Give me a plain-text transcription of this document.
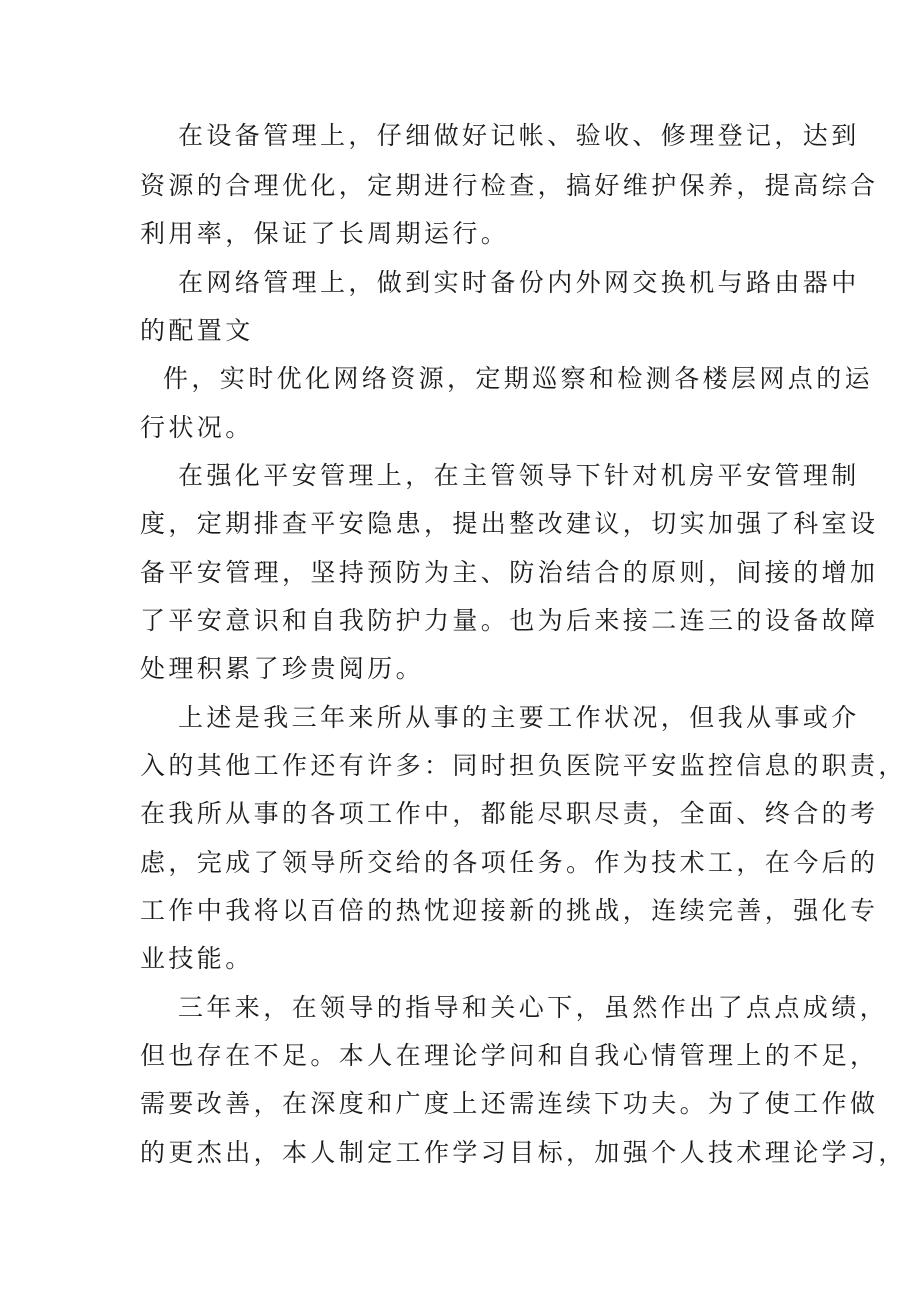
在设备管理上，仔细做好记帐、验收、修理登记，达到
资源的合理优化，定期进行检查，搞好维护保养，提高综合
利用率，保证了长周期运行。
在网络管理上，做到实时备份内外网交换机与路由器中
的配置文
件，实时优化网络资源，定期巡察和检测各楼层网点的运
行状况。
在强化平安管理上，在主管领导下针对机房平安管理制
度，定期排查平安隐患，提出整改建议，切实加强了科室设
备平安管理，坚持预防为主、防治结合的原则，间接的增加
了平安意识和自我防护力量。也为后来接二连三的设备故障
处理积累了珍贵阅历。
上述是我三年来所从事的主要工作状况，但我从事或介
入的其他工作还有许多：同时担负医院平安监控信息的职责，
在我所从事的各项工作中，都能尽职尽责，全面、终合的考
虑，完成了领导所交给的各项任务。作为技术工，在今后的
工作中我将以百倍的热忱迎接新的挑战，连续完善，强化专
业技能。
三年来，在领导的指导和关心下，虽然作出了点点成绩，
但也存在不足。本人在理论学问和自我心情管理上的不足，
需要改善，在深度和广度上还需连续下功夫。为了使工作做
的更杰出，本人制定工作学习目标，加强个人技术理论学习，
